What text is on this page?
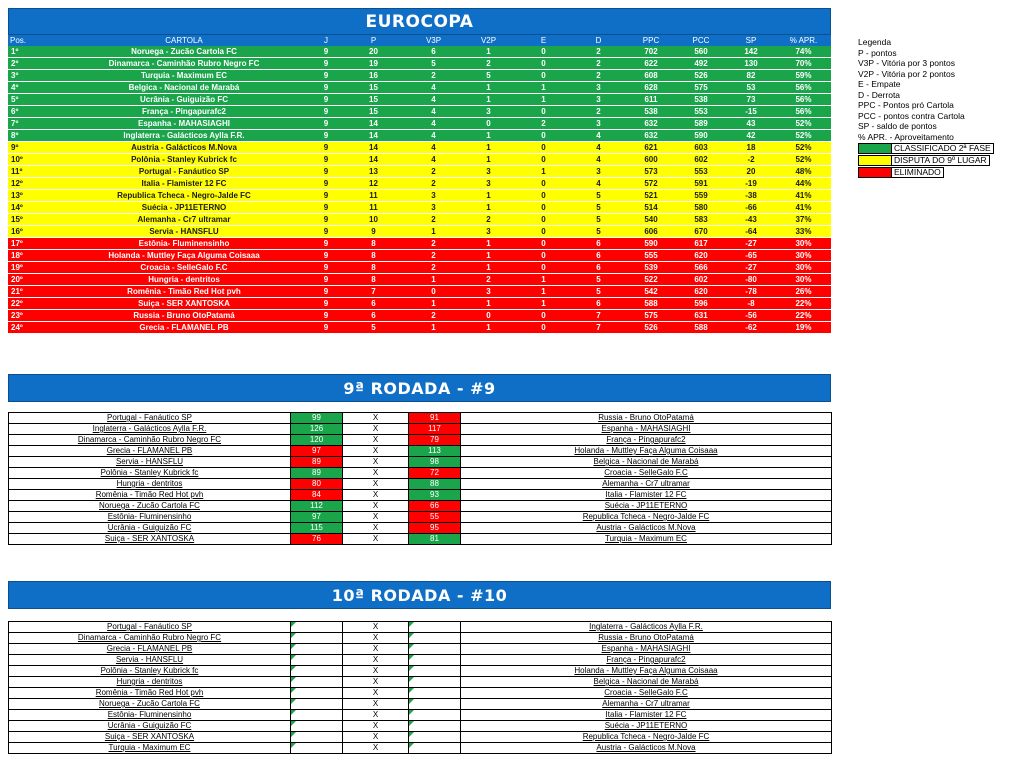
EUROCOPA
Pos.	CARTOLA	J	P	V3P	V2P	E	D	PPC	PCC	SP	% APR.
1º	Noruega - Zucão Cartola FC	9	20	6	1	0	2	702	560	142	74%
2º	Dinamarca - Caminhão Rubro Negro FC	9	19	5	2	0	2	622	492	130	70%
3º	Turquia - Maximum EC	9	16	2	5	0	2	608	526	82	59%
4º	Belgica - Nacional de Marabá	9	15	4	1	1	3	628	575	53	56%
5º	Ucrânia - Guiguizão FC	9	15	4	1	1	3	611	538	73	56%
6º	França - Pingapurafc2	9	15	4	3	0	2	538	553	-15	56%
7º	Espanha - MAHASIAGHI	9	14	4	0	2	3	632	589	43	52%
8º	Inglaterra - Galácticos Aylla F.R.	9	14	4	1	0	4	632	590	42	52%
9º	Austria - Galácticos M.Nova	9	14	4	1	0	4	621	603	18	52%
10º	Polônia - Stanley Kubrick fc	9	14	4	1	0	4	600	602	-2	52%
11º	Portugal - Fanáutico SP	9	13	2	3	1	3	573	553	20	48%
12º	Italia - Flamister 12 FC	9	12	2	3	0	4	572	591	-19	44%
13º	Republica Tcheca - Negro-Jalde FC	9	11	3	1	0	5	521	559	-38	41%
14º	Suécia - JP11ETERNO	9	11	3	1	0	5	514	580	-66	41%
15º	Alemanha - Cr7 ultramar	9	10	2	2	0	5	540	583	-43	37%
16º	Servia - HANSFLU	9	9	1	3	0	5	606	670	-64	33%
17º	Estônia- Fluminensinho	9	8	2	1	0	6	590	617	-27	30%
18º	Holanda - Muttley Faça Alguma Coisaaa	9	8	2	1	0	6	555	620	-65	30%
19º	Croacia - SelleGalo F.C	9	8	2	1	0	6	539	566	-27	30%
20º	Hungria - dentritos	9	8	1	2	1	5	522	602	-80	30%
21º	Romênia - Timão Red Hot pvh	9	7	0	3	1	5	542	620	-78	26%
22º	Suiça - SER XANTOSKA	9	6	1	1	1	6	588	596	-8	22%
23º	Russia - Bruno OtoPatamá	9	6	2	0	0	7	575	631	-56	22%
24º	Grecia - FLAMANEL PB	9	5	1	1	0	7	526	588	-62	19%
Legenda
P - pontos
V3P - Vitória por 3 pontos
V2P - Vitória por 2 pontos
E - Empate
D - Derrota
PPC - Pontos pró Cartola
PCC - pontos contra Cartola
SP - saldo de pontos
% APR. - Aproveitamento
CLASSIFICADO 2ª FASE
DISPUTA DO 9º LUGAR
ELIMINADO
9ª RODADA - #9
Portugal - Fanáutico SP	99	X	91	Russia - Bruno OtoPatamá
Inglaterra - Galácticos Aylla F.R.	126	X	117	Espanha - MAHASIAGHI
Dinamarca - Caminhão Rubro Negro FC	120	X	79	França - Pingapurafc2
Grecia - FLAMANEL PB	97	X	113	Holanda - Muttley Faça Alguma Coisaaa
Servia - HANSFLU	89	X	98	Belgica - Nacional de Marabá
Polônia - Stanley Kubrick fc	89	X	72	Croacia - SelleGalo F.C
Hungria - dentritos	80	X	88	Alemanha - Cr7 ultramar
Romênia - Timão Red Hot pvh	84	X	93	Italia - Flamister 12 FC
Noruega - Zucão Cartola FC	112	X	66	Suécia - JP11ETERNO
Estônia- Fluminensinho	97	X	55	Republica Tcheca - Negro-Jalde FC
Ucrânia - Guiguizão FC	115	X	95	Austria - Galácticos M.Nova
Suiça - SER XANTOSKA	76	X	81	Turquia - Maximum EC
10ª RODADA - #10
Portugal - Fanáutico SP		X		Inglaterra - Galácticos Aylla F.R.
Dinamarca - Caminhão Rubro Negro FC		X		Russia - Bruno OtoPatamá
Grecia - FLAMANEL PB		X		Espanha - MAHASIAGHI
Servia - HANSFLU		X		França - Pingapurafc2
Polônia - Stanley Kubrick fc		X		Holanda - Muttley Faça Alguma Coisaaa
Hungria - dentritos		X		Belgica - Nacional de Marabá
Romênia - Timão Red Hot pvh		X		Croacia - SelleGalo F.C
Noruega - Zucão Cartola FC		X		Alemanha - Cr7 ultramar
Estônia- Fluminensinho		X		Italia - Flamister 12 FC
Ucrânia - Guiguizão FC		X		Suécia - JP11ETERNO
Suiça - SER XANTOSKA		X		Republica Tcheca - Negro-Jalde FC
Turquia - Maximum EC		X		Austria - Galácticos M.Nova
